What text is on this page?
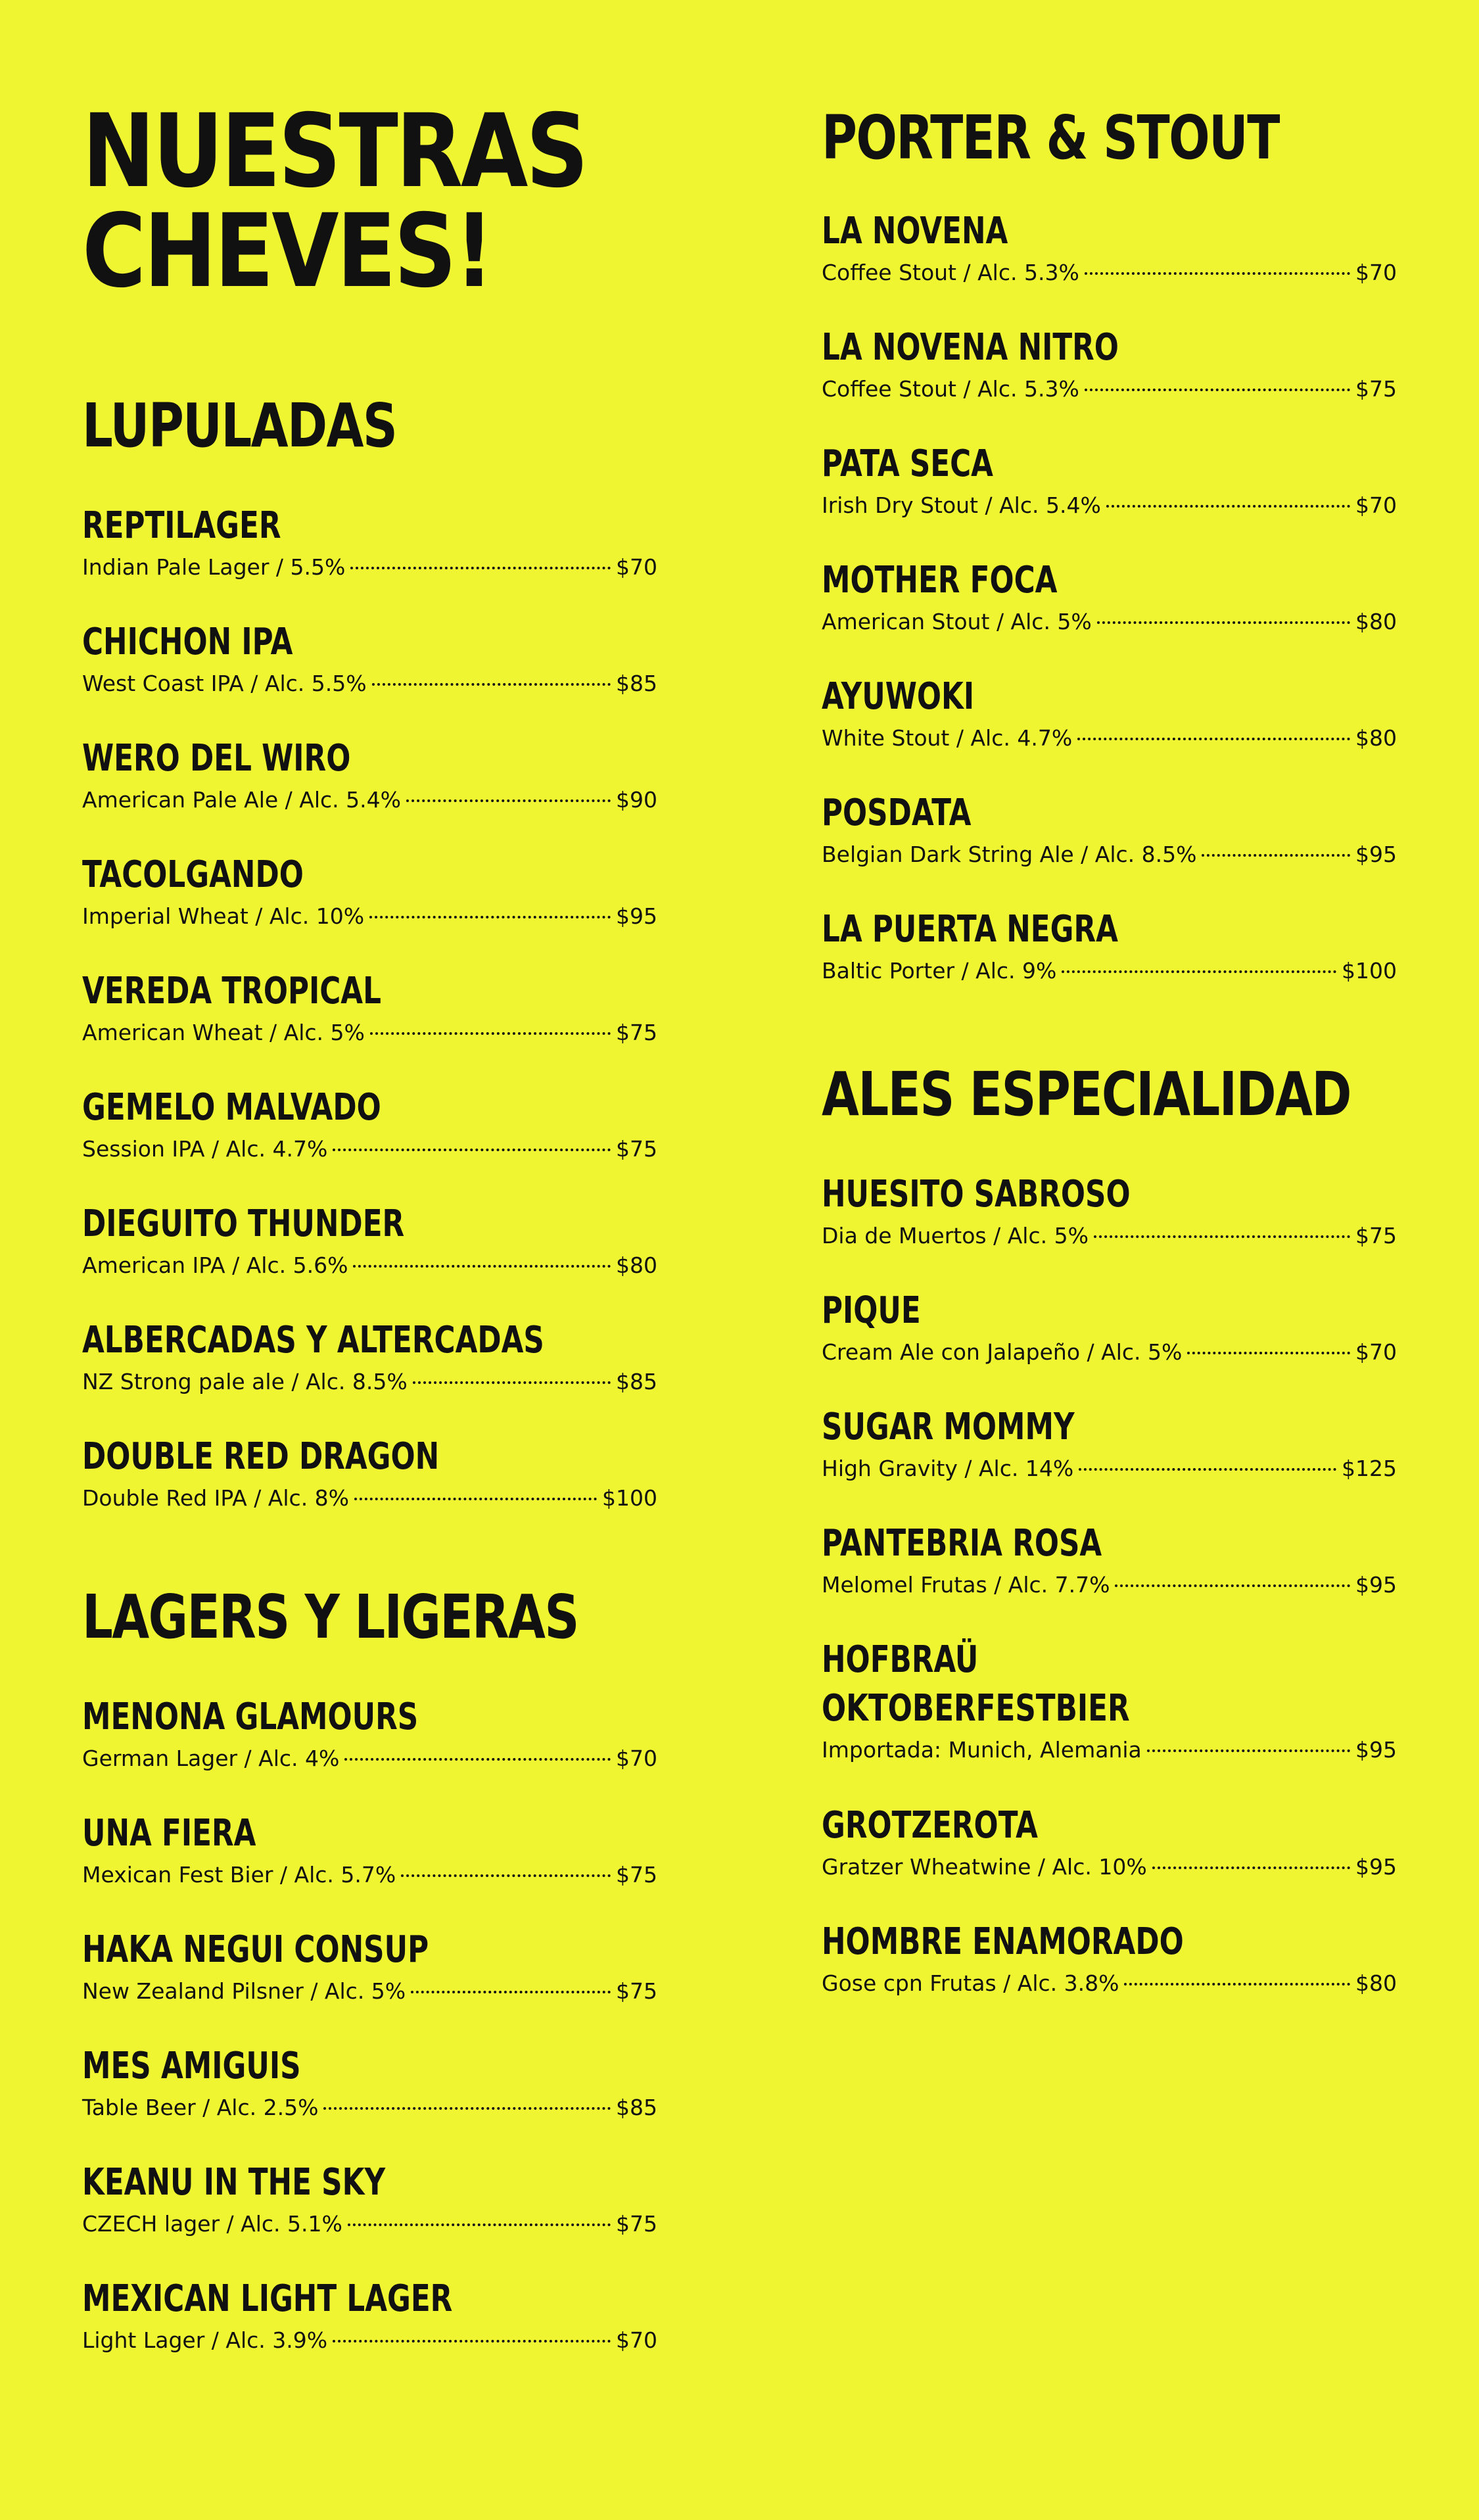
NUESTRAS
CHEVES!
LUPULADAS
REPTILAGER
Indian Pale Lager / 5.5%	$70
CHICHON IPA
West Coast IPA / Alc. 5.5%	$85
WERO DEL WIRO
American Pale Ale / Alc. 5.4%	$90
TACOLGANDO
Imperial Wheat / Alc. 10%	$95
VEREDA TROPICAL
American Wheat / Alc. 5%	$75
GEMELO MALVADO
Session IPA / Alc. 4.7%	$75
DIEGUITO THUNDER
American IPA / Alc. 5.6%	$80
ALBERCADAS Y ALTERCADAS
NZ Strong pale ale / Alc. 8.5%	$85
DOUBLE RED DRAGON
Double Red IPA / Alc. 8%	$100
LAGERS Y LIGERAS
MENONA GLAMOURS
German Lager / Alc. 4%	$70
UNA FIERA
Mexican Fest Bier / Alc. 5.7%	$75
HAKA NEGUI CONSUP
New Zealand Pilsner / Alc. 5%	$75
MES AMIGUIS
Table Beer / Alc. 2.5%	$85
KEANU IN THE SKY
CZECH lager / Alc. 5.1%	$75
MEXICAN LIGHT LAGER
Light Lager / Alc. 3.9%	$70
PORTER & STOUT
LA NOVENA
Coffee Stout / Alc. 5.3%	$70
LA NOVENA NITRO
Coffee Stout / Alc. 5.3%	$75
PATA SECA
Irish Dry Stout / Alc. 5.4%	$70
MOTHER FOCA
American Stout / Alc. 5%	$80
AYUWOKI
White Stout / Alc. 4.7%	$80
POSDATA
Belgian Dark String Ale / Alc. 8.5%	$95
LA PUERTA NEGRA
Baltic Porter / Alc. 9%	$100
ALES ESPECIALIDAD
HUESITO SABROSO
Dia de Muertos / Alc. 5%	$75
PIQUE
Cream Ale con Jalapeño / Alc. 5%	$70
SUGAR MOMMY
High Gravity / Alc. 14%	$125
PANTEBRIA ROSA
Melomel Frutas / Alc. 7.7%	$95
HOFBRAÜ
OKTOBERFESTBIER
Importada: Munich, Alemania	$95
GROTZEROTA
Gratzer Wheatwine / Alc. 10%	$95
HOMBRE ENAMORADO
Gose cpn Frutas / Alc. 3.8%	$80
